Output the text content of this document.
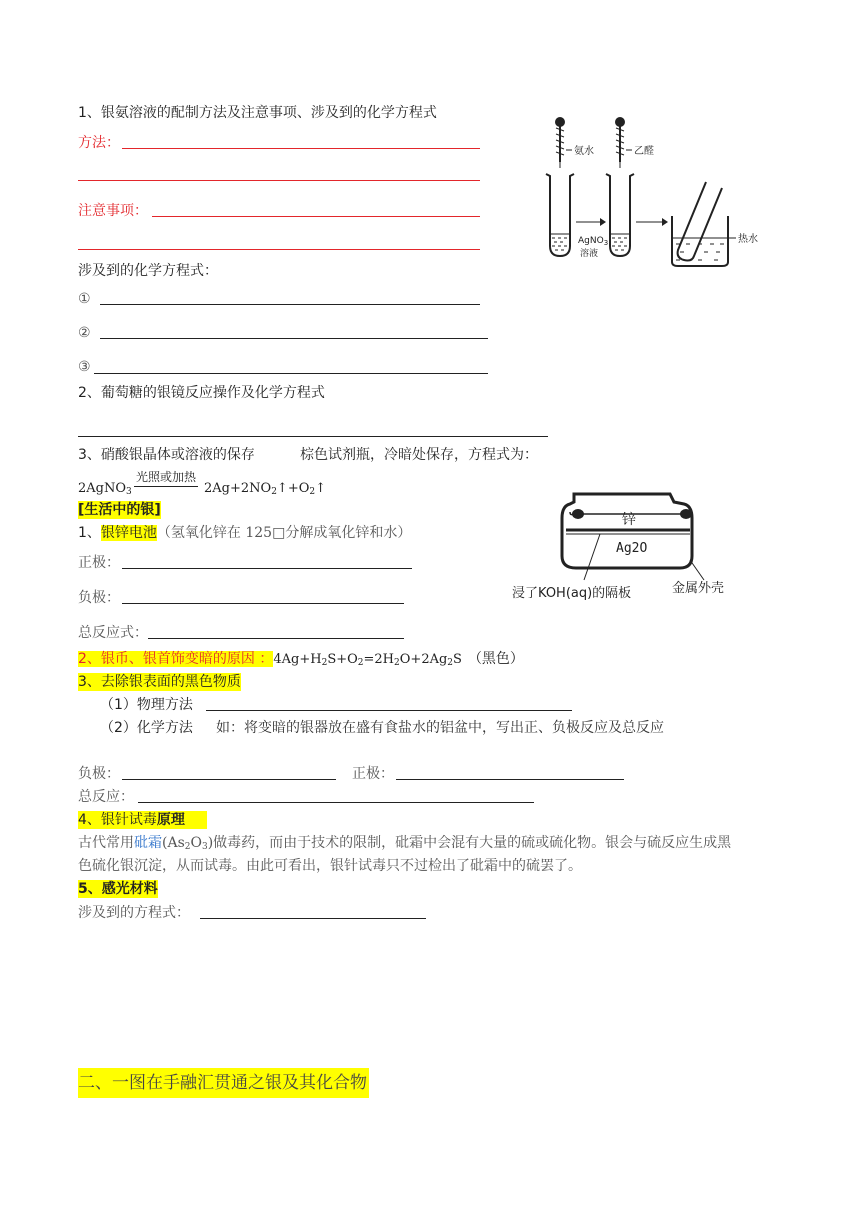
1、银氨溶液的配制方法及注意事项、涉及到的化学方程式
方法：
注意事项：
涉及到的化学方程式：
①
②
③
氨水	乙醛
AgNO$_3$
溶液
热水
2、葡萄糖的银镜反应操作及化学方程式
3、硝酸银晶体或溶液的保存	棕色试剂瓶，冷暗处保存，方程式为：
光照或加热
2AgNO$_3$	$2Ag+2NO_2↑+O_2↑$
[生活中的银]
1、银锌电池（氢氧化锌在 125□分解成氧化锌和水）
正极：
负极：
总反应式：
锌
Ag2O
浸了KOH(aq)的隔板	金属外壳
2、银币、银首饰变暗的原因 ：$4Ag+H_2S+O_2=2H_2O+2Ag_2S$ （黑色）
3、去除银表面的黑色物质
（1）物理方法
（2）化学方法 如：将变暗的银器放在盛有食盐水的铝盆中，写出正、负极反应及总反应
负极：	正极：
总反应：
4、银针试毒原理
古代常用砒霜$(As_2O_3)$做毒药，而由于技术的限制，砒霜中会混有大量的硫或硫化物。银会与硫反应生成黑
色硫化银沉淀，从而试毒。由此可看出，银针试毒只不过检出了砒霜中的硫罢了。
5、感光材料
涉及到的方程式：
二、一图在手融汇贯通之银及其化合物
